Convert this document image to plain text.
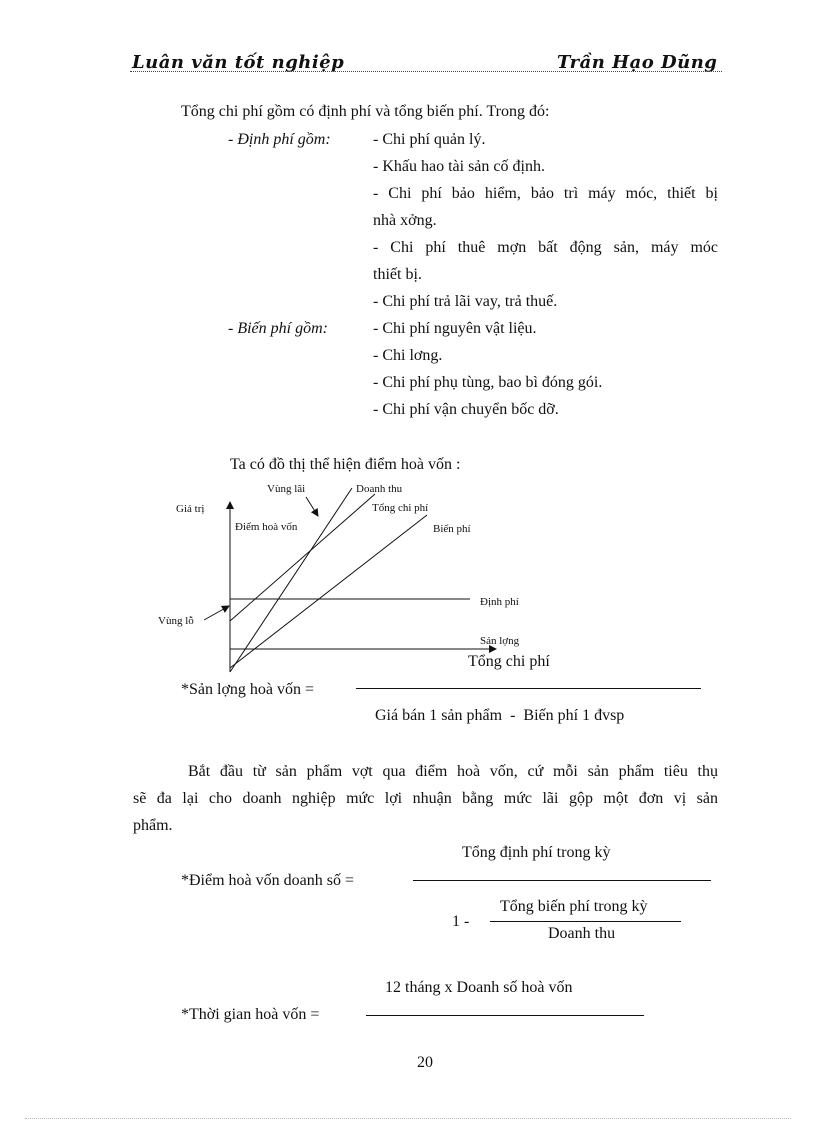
Luân văn tốt nghiệp	Trần Hạo Dũng
Tổng chi phí gồm có định phí và tổng biến phí. Trong đó:
- Định phí gồm:	- Chi phí quản lý.
- Khấu hao tài sản cố định.
- Chi phí bảo hiểm, bảo trì máy móc, thiết bị
nhà xởng.
- Chi phí thuê mợn bất động sản, máy móc
thiết bị.
- Chi phí trả lãi vay, trả thuế.
- Biến phí gồm:	- Chi phí nguyên vật liệu.
- Chi lơng.
- Chi phí phụ tùng, bao bì đóng gói.
- Chi phí vận chuyển bốc dỡ.
Ta có đồ thị thể hiện điểm hoà vốn :
Giá trị
Điểm hoà vốn
Vùng lãi	Doanh thu
Tổng chi phí
Biến phí
Định phí
Vùng lỗ
Sản lợng
Tổng chi phí
*Sản lợng hoà vốn =
Giá bán 1 sản phẩm  -  Biến phí 1 đvsp
Bắt đầu từ sản phẩm vợt qua điểm hoà vốn, cứ mỗi sản phẩm tiêu thụ
sẽ đa lại cho doanh nghiệp mức lợi nhuận bằng mức lãi gộp một đơn vị sản
phẩm.
Tổng định phí trong kỳ
*Điểm hoà vốn doanh số =
Tổng biến phí trong kỳ
1 -
Doanh thu
12 tháng x Doanh số hoà vốn
*Thời gian hoà vốn =
20
